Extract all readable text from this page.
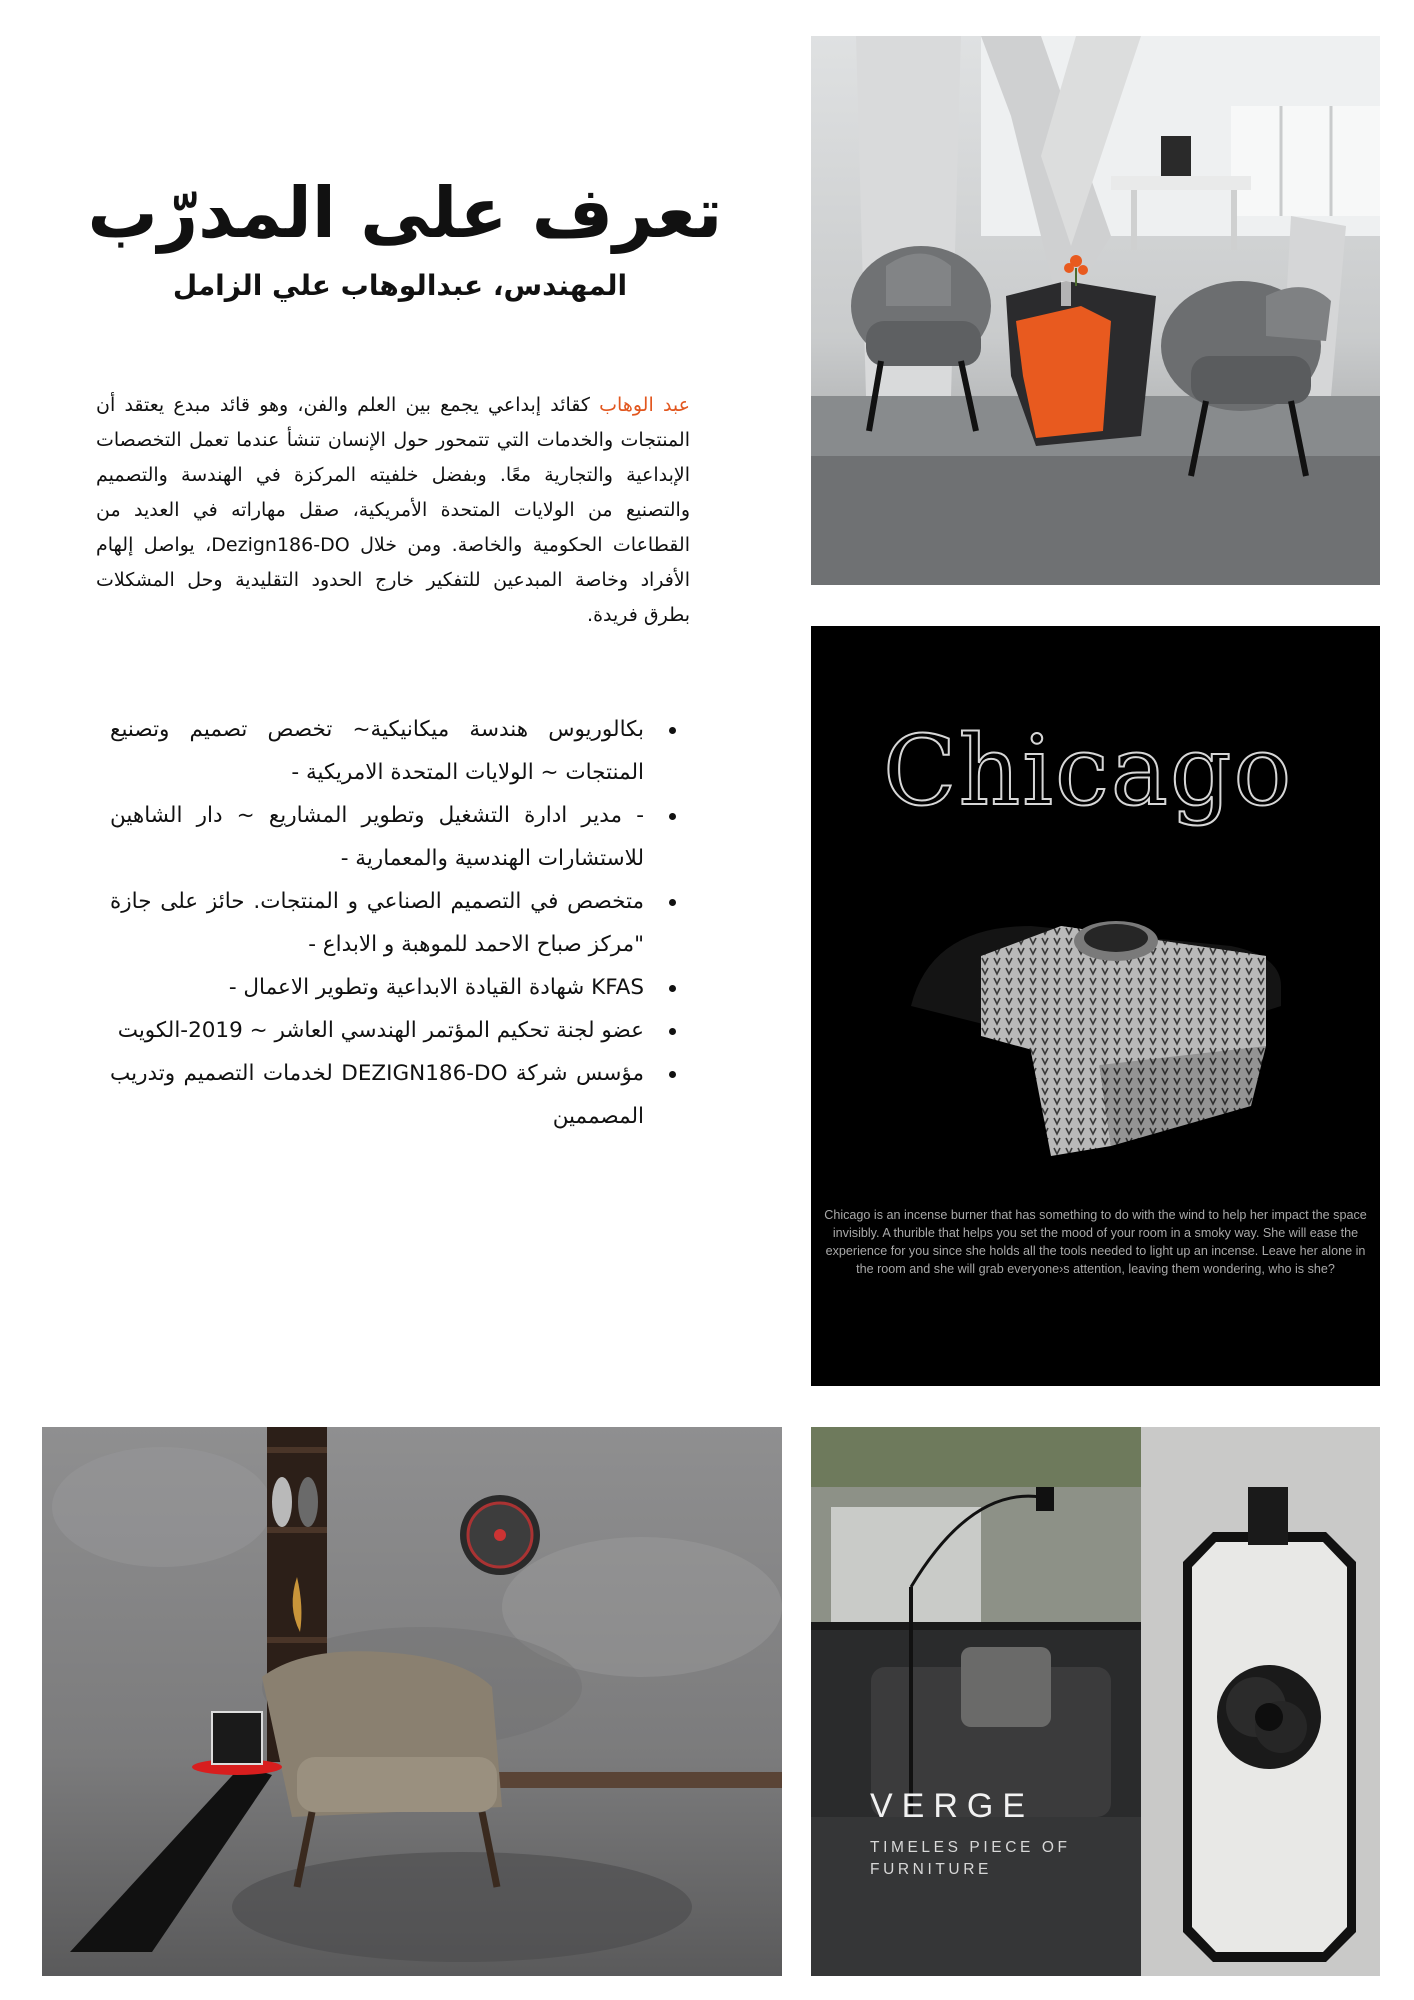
تعرف على المدرّب
المهندس، عبدالوهاب علي الزامل

عبد الوهاب كقائد إبداعي يجمع بين العلم والفن، وهو قائد مبدع يعتقد أن المنتجات والخدمات التي تتمحور حول الإنسان تنشأ عندما تعمل التخصصات الإبداعية والتجارية معًا. وبفضل خلفيته المركزة في الهندسة والتصميم والتصنيع من الولايات المتحدة الأمريكية، صقل مهاراته في العديد من القطاعات الحكومية والخاصة. ومن خلال Dezign186-DO، يواصل إلهام الأفراد وخاصة المبدعين للتفكير خارج الحدود التقليدية وحل المشكلات بطرق فريدة.

بكالوريوس هندسة ميكانيكية~ تخصص تصميم وتصنيع المنتجات ~ الولايات المتحدة الامريكية -
- مدير ادارة التشغيل وتطوير المشاريع ~ دار الشاهين للاستشارات الهندسية والمعمارية -
متخصص في التصميم الصناعي و المنتجات. حائز على جازة "مركز صباح الاحمد للموهبة و الابداع -
KFAS شهادة القيادة الابداعية وتطوير الاعمال -
عضو لجنة تحكيم المؤتمر الهندسي العاشر ~ 2019-الكويت
مؤسس شركة DEZIGN186-DO لخدمات التصميم وتدريب المصممين
Chicago
Chicago is an incense burner that has something to do with the wind to help her impact the space invisibly. A thurible that helps you set the mood of your room in a smoky way. She will ease the experience for you since she holds all the tools needed to light up an incense. Leave her alone in the room and she will grab everyone›s attention, leaving them wondering, who is she?
VERGE
TIMELES PIECE OF FURNITURE
